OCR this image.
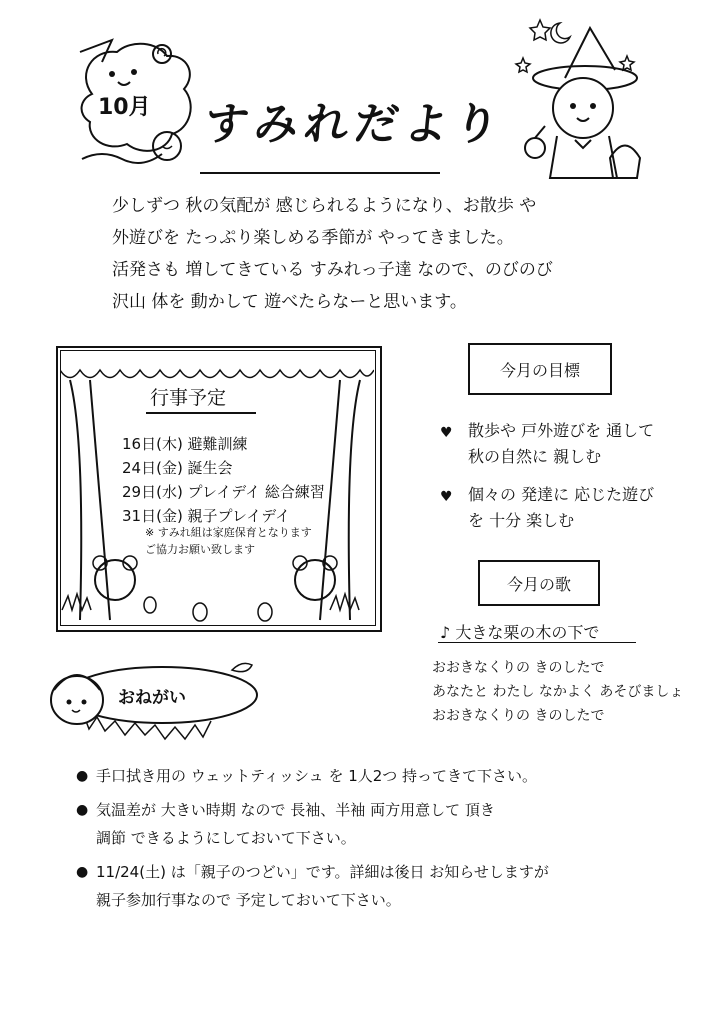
10月 すみれだより
少しずつ 秋の気配が 感じられるようになり、お散歩 や
外遊びを たっぷり楽しめる季節が やってきました。
活発さも 増してきている すみれっ子達 なので、のびのび
沢山 体を 動かして 遊べたらなーと思います。
行事予定
16日(木) 避難訓練
24日(金) 誕生会
29日(水) プレイデイ 総合練習
31日(金) 親子プレイデイ
※ すみれ組は家庭保育となります
ご協力お願い致します
今月の目標
♥ 散歩や 戸外遊びを 通して
秋の自然に 親しむ
♥ 個々の 発達に 応じた遊び
を 十分 楽しむ
今月の歌
♪ 大きな栗の木の下で
おおきなくりの きのしたで
あなたと わたし なかよく あそびましょ
おおきなくりの きのしたで
おねがい
● 手口拭き用の ウェットティッシュ を 1人2つ 持ってきて下さい。
● 気温差が 大きい時期 なので 長袖、半袖 両方用意して 頂き
調節 できるようにしておいて下さい。
● 11/24(土) は「親子のつどい」です。詳細は後日 お知らせしますが
親子参加行事なので 予定しておいて下さい。
